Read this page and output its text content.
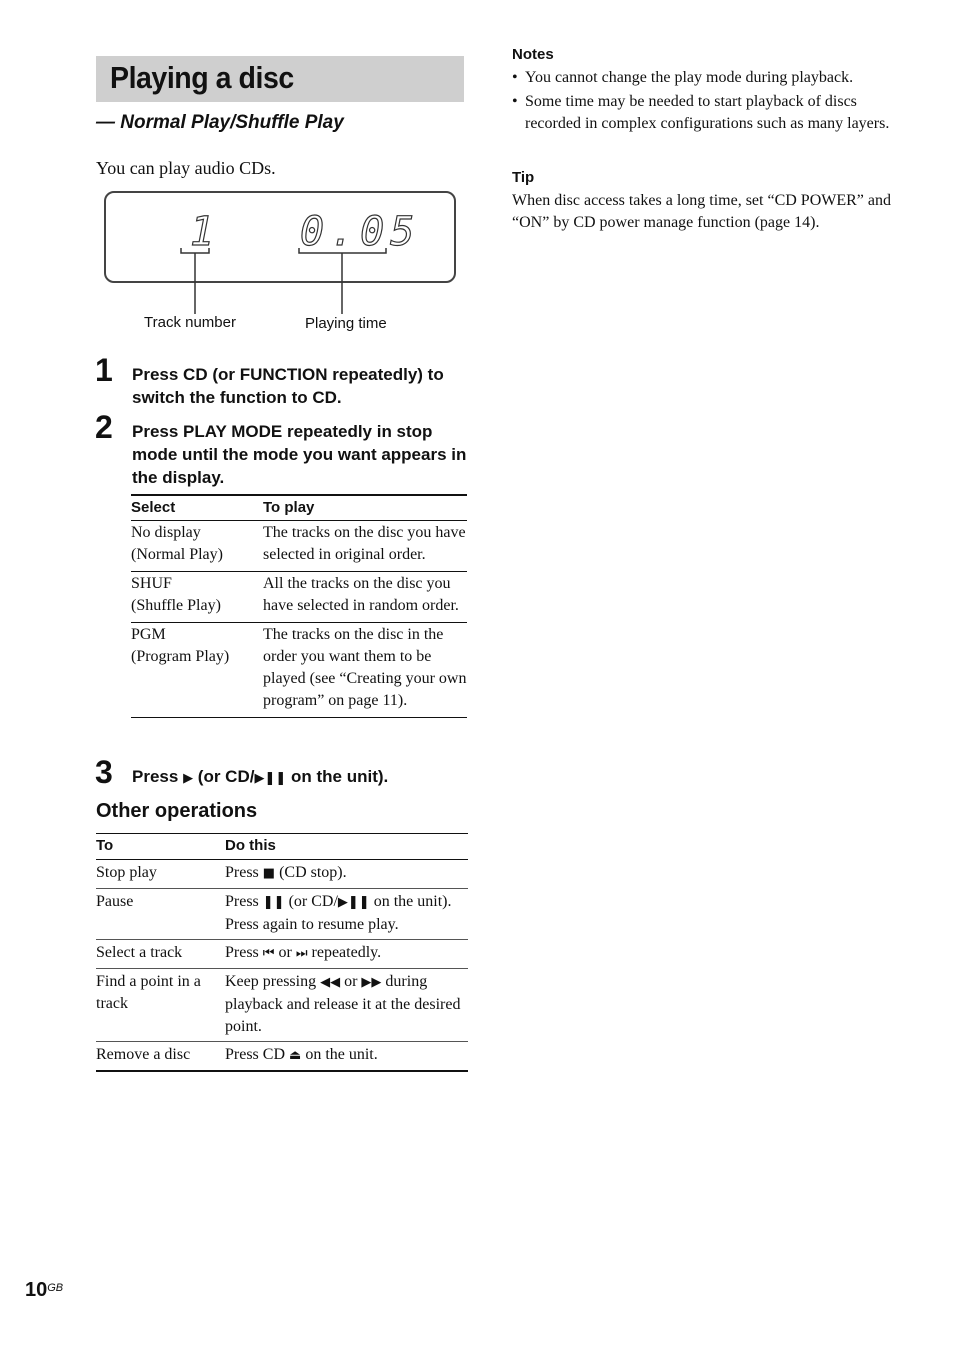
Playing a disc
— Normal Play/Shuffle Play
You can play audio CDs.
1 0.05
Track number	Playing time
1 Press CD (or FUNCTION repeatedly) to switch the function to CD.
2 Press PLAY MODE repeatedly in stop mode until the mode you want appears in the display.
Select	To play
No display
(Normal Play)	The tracks on the disc you have selected in original order.
SHUF
(Shuffle Play)	All the tracks on the disc you have selected in random order.
PGM
(Program Play)	The tracks on the disc in the order you want them to be played (see “Creating your own program” on page 11).
3 Press ▶ (or CD/▶❚❚ on the unit).
Other operations
To	Do this
Stop play	Press ■ (CD stop).
Pause	Press ❚❚ (or CD/▶❚❚ on the unit).
Press again to resume play.
Select a track	Press ⏮ or ⏭ repeatedly.
Find a point in a track	Keep pressing ◀◀ or ▶▶ during playback and release it at the desired point.
Remove a disc	Press CD ⏏ on the unit.
Notes
• You cannot change the play mode during playback.
• Some time may be needed to start playback of discs recorded in complex configurations such as many layers.
Tip
When disc access takes a long time, set “CD POWER” and “ON” by CD power manage function (page 14).
$10^{GB}$
